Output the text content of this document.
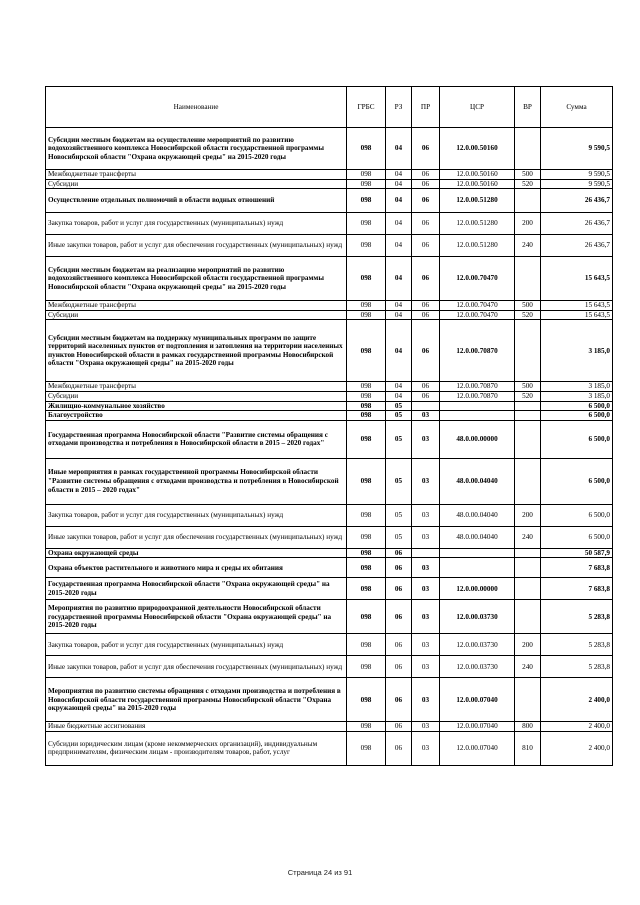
Наименование	ГРБС	РЗ	ПР	ЦСР	ВР	Сумма
Субсидии местным бюджетам на осуществление мероприятий по развитию водохозяйственного комплекса Новосибирской области государственной программы Новосибирской области "Охрана окружающей среды" на 2015-2020 годы	098	04	06	12.0.00.50160		9 590,5
Межбюджетные трансферты	098	04	06	12.0.00.50160	500	9 590,5
Субсидии	098	04	06	12.0.00.50160	520	9 590,5
Осуществление отдельных полномочий в области водных отношений	098	04	06	12.0.00.51280		26 436,7
Закупка товаров, работ и услуг для государственных (муниципальных) нужд	098	04	06	12.0.00.51280	200	26 436,7
Иные закупки товаров, работ и услуг для обеспечения государственных (муниципальных) нужд	098	04	06	12.0.00.51280	240	26 436,7
Субсидии местным бюджетам на реализацию мероприятий по развитию водохозяйственного комплекса Новосибирской области государственной программы Новосибирской области "Охрана окружающей среды" на 2015-2020 годы	098	04	06	12.0.00.70470		15 643,5
Межбюджетные трансферты	098	04	06	12.0.00.70470	500	15 643,5
Субсидии	098	04	06	12.0.00.70470	520	15 643,5
Субсидии местным бюджетам на поддержку муниципальных программ по защите территорий населенных пунктов от подтопления и затопления на территории населенных пунктов Новосибирской области в рамках государственной программы Новосибирской области "Охрана окружающей среды" на 2015-2020 годы	098	04	06	12.0.00.70870		3 185,0
Межбюджетные трансферты	098	04	06	12.0.00.70870	500	3 185,0
Субсидии	098	04	06	12.0.00.70870	520	3 185,0
Жилищно-коммунальное хозяйство	098	05				6 500,0
Благоустройство	098	05	03			6 500,0
Государственная программа Новосибирской области "Развитие системы обращения с отходами производства и потребления в Новосибирской области в 2015 – 2020 годах"	098	05	03	48.0.00.00000		6 500,0
Иные мероприятия в рамках государственной программы Новосибирской области "Развитие системы обращения с отходами производства и потребления в Новосибирской области в 2015 – 2020 годах"	098	05	03	48.0.00.04040		6 500,0
Закупка товаров, работ и услуг для государственных (муниципальных) нужд	098	05	03	48.0.00.04040	200	6 500,0
Иные закупки товаров, работ и услуг для обеспечения государственных (муниципальных) нужд	098	05	03	48.0.00.04040	240	6 500,0
Охрана окружающей среды	098	06				50 587,9
Охрана объектов растительного и животного мира и среды их обитания	098	06	03			7 683,8
Государственная программа Новосибирской области "Охрана окружающей среды" на 2015-2020 годы	098	06	03	12.0.00.00000		7 683,8
Мероприятия по развитию природоохранной деятельности Новосибирской области государственной программы Новосибирской области "Охрана окружающей среды" на 2015-2020 годы	098	06	03	12.0.00.03730		5 283,8
Закупка товаров, работ и услуг для государственных (муниципальных) нужд	098	06	03	12.0.00.03730	200	5 283,8
Иные закупки товаров, работ и услуг для обеспечения государственных (муниципальных) нужд	098	06	03	12.0.00.03730	240	5 283,8
Мероприятия по развитию системы обращения с отходами производства и потребления в Новосибирской области государственной программы Новосибирской области "Охрана окружающей среды" на 2015-2020 годы	098	06	03	12.0.00.07040		2 400,0
Иные бюджетные ассигнования	098	06	03	12.0.00.07040	800	2 400,0
Субсидии юридическим лицам (кроме некоммерческих организаций), индивидуальным предпринимателям, физическим лицам - производителям товаров, работ, услуг	098	06	03	12.0.00.07040	810	2 400,0
Страница 24 из 91
